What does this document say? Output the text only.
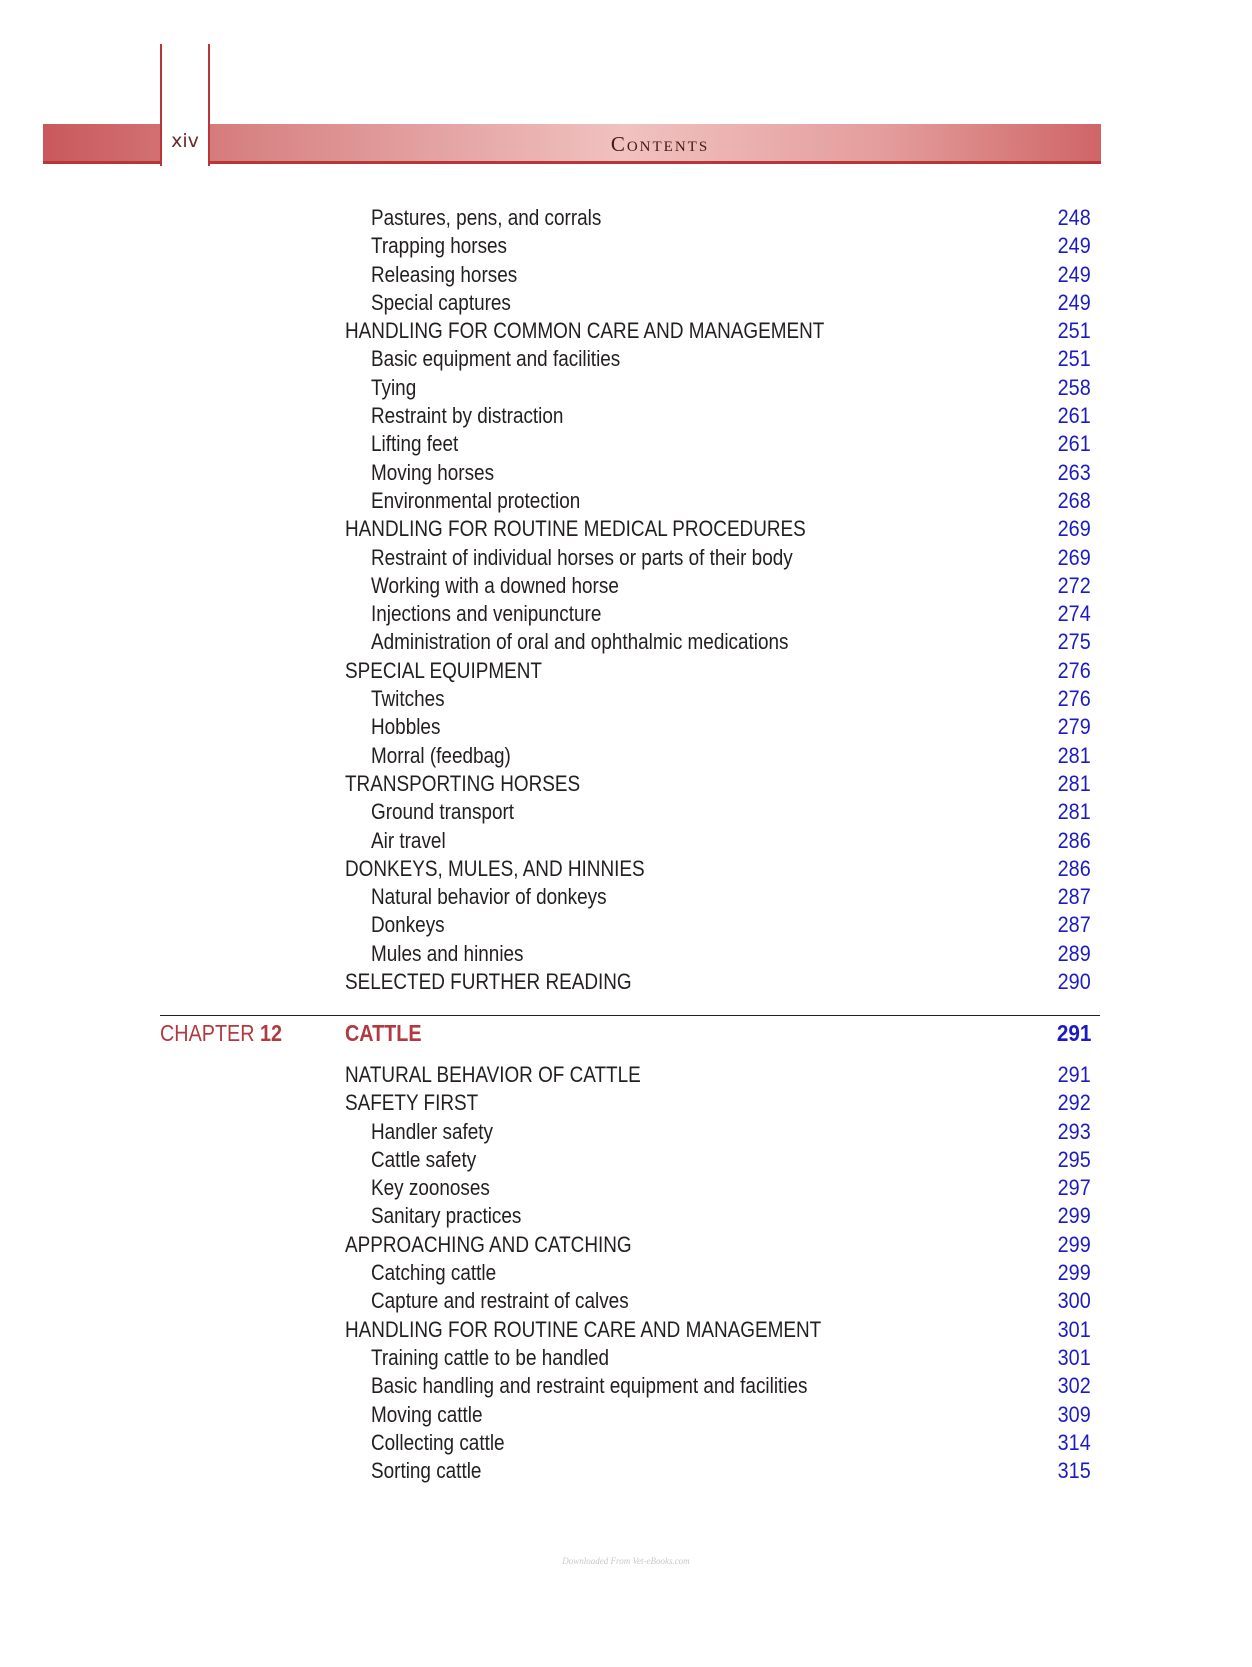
xiv	Contents
Pastures, pens, and corrals	248
Trapping horses	249
Releasing horses	249
Special captures	249
HANDLING FOR COMMON CARE AND MANAGEMENT	251
Basic equipment and facilities	251
Tying	258
Restraint by distraction	261
Lifting feet	261
Moving horses	263
Environmental protection	268
HANDLING FOR ROUTINE MEDICAL PROCEDURES	269
Restraint of individual horses or parts of their body	269
Working with a downed horse	272
Injections and venipuncture	274
Administration of oral and ophthalmic medications	275
SPECIAL EQUIPMENT	276
Twitches	276
Hobbles	279
Morral (feedbag)	281
TRANSPORTING HORSES	281
Ground transport	281
Air travel	286
DONKEYS, MULES, AND HINNIES	286
Natural behavior of donkeys	287
Donkeys	287
Mules and hinnies	289
SELECTED FURTHER READING	290
CHAPTER 12	CATTLE	291
NATURAL BEHAVIOR OF CATTLE	291
SAFETY FIRST	292
Handler safety	293
Cattle safety	295
Key zoonoses	297
Sanitary practices	299
APPROACHING AND CATCHING	299
Catching cattle	299
Capture and restraint of calves	300
HANDLING FOR ROUTINE CARE AND MANAGEMENT	301
Training cattle to be handled	301
Basic handling and restraint equipment and facilities	302
Moving cattle	309
Collecting cattle	314
Sorting cattle	315
Downloaded From Vet-eBooks.com
